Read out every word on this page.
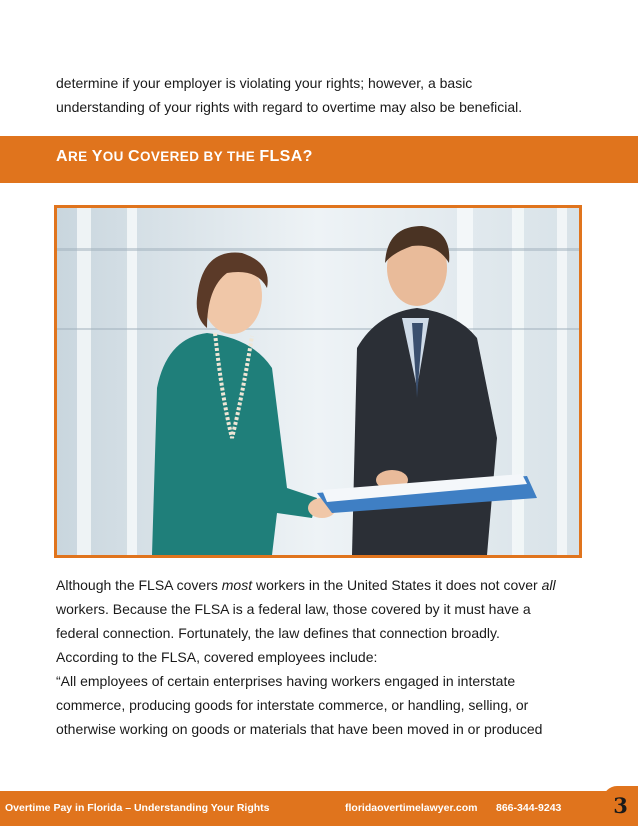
determine if your employer is violating your rights; however, a basic
understanding of your rights with regard to overtime may also be beneficial.
ARE YOU COVERED BY THE FLSA?

Although the FLSA covers most workers in the United States it does not cover all

workers. Because the FLSA is a federal law, those covered by it must have a

federal connection. Fortunately, the law defines that connection broadly.

According to the FLSA, covered employees include:

“All employees of certain enterprises having workers engaged in interstate

commerce, producing goods for interstate commerce, or handling, selling, or

otherwise working on goods or materials that have been moved in or produced

Overtime Pay in Florida – Understanding Your Rights	floridaovertimelawyer.com 866-344-9243	3
